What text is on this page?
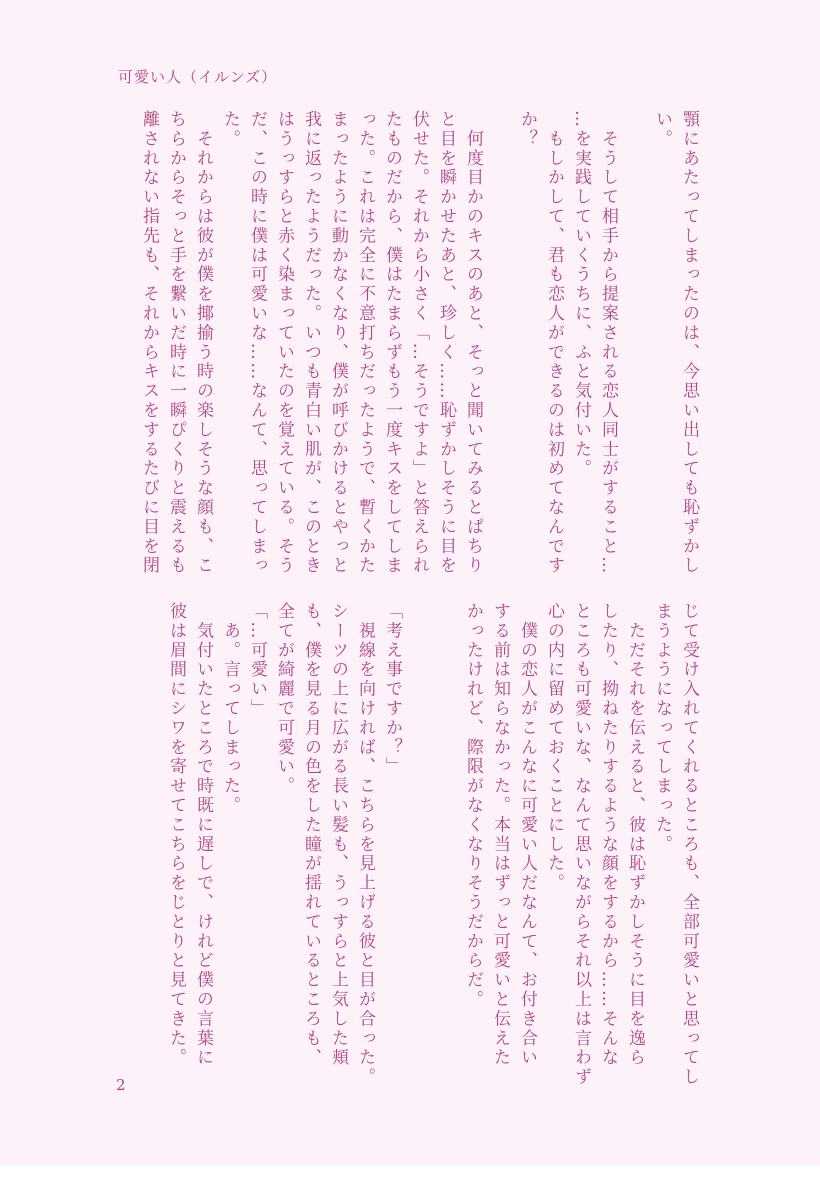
可愛い人（イルンズ）
顎にあたってしまったのは、今思い出しても恥ずかし
い。

　そうして相手から提案される恋人同士がすること…
…を実践していくうちに、ふと気付いた。
　もしかして、君も恋人ができるのは初めてなんです
か？

　何度目かのキスのあと、そっと聞いてみるとぱちり
と目を瞬かせたあと、珍しく……恥ずかしそうに目を
伏せた。それから小さく「…そうですよ」と答えられ
たものだから、僕はたまらずもう一度キスをしてしま
った。これは完全に不意打ちだったようで、暫くかた
まったように動かなくなり、僕が呼びかけるとやっと
我に返ったようだった。いつも青白い肌が、このとき
はうっすらと赤く染まっていたのを覚えている。そう
だ、この時に僕は可愛いな……なんて、思ってしまっ
た。
　それからは彼が僕を揶揄う時の楽しそうな顔も、こ
ちらからそっと手を繋いだ時に一瞬ぴくりと震えるも
離されない指先も、それからキスをするたびに目を閉
じて受け入れてくれるところも、全部可愛いと思ってし
まうようになってしまった。
　ただそれを伝えると、彼は恥ずかしそうに目を逸ら
したり、拗ねたりするような顔をするから……そんな
ところも可愛いな、なんて思いながらそれ以上は言わず
心の内に留めておくことにした。
　僕の恋人がこんなに可愛い人だなんて、お付き合い
する前は知らなかった。本当はずっと可愛いと伝えた
かったけれど、際限がなくなりそうだからだ。

「考え事ですか？」
　視線を向ければ、こちらを見上げる彼と目が合った。
シーツの上に広がる長い髪も、うっすらと上気した頬
も、僕を見る月の色をした瞳が揺れているところも、
全てが綺麗で可愛い。
「…可愛い」
　あ。言ってしまった。
　気付いたところで時既に遅しで、けれど僕の言葉に
彼は眉間にシワを寄せてこちらをじとりと見てきた。
2
